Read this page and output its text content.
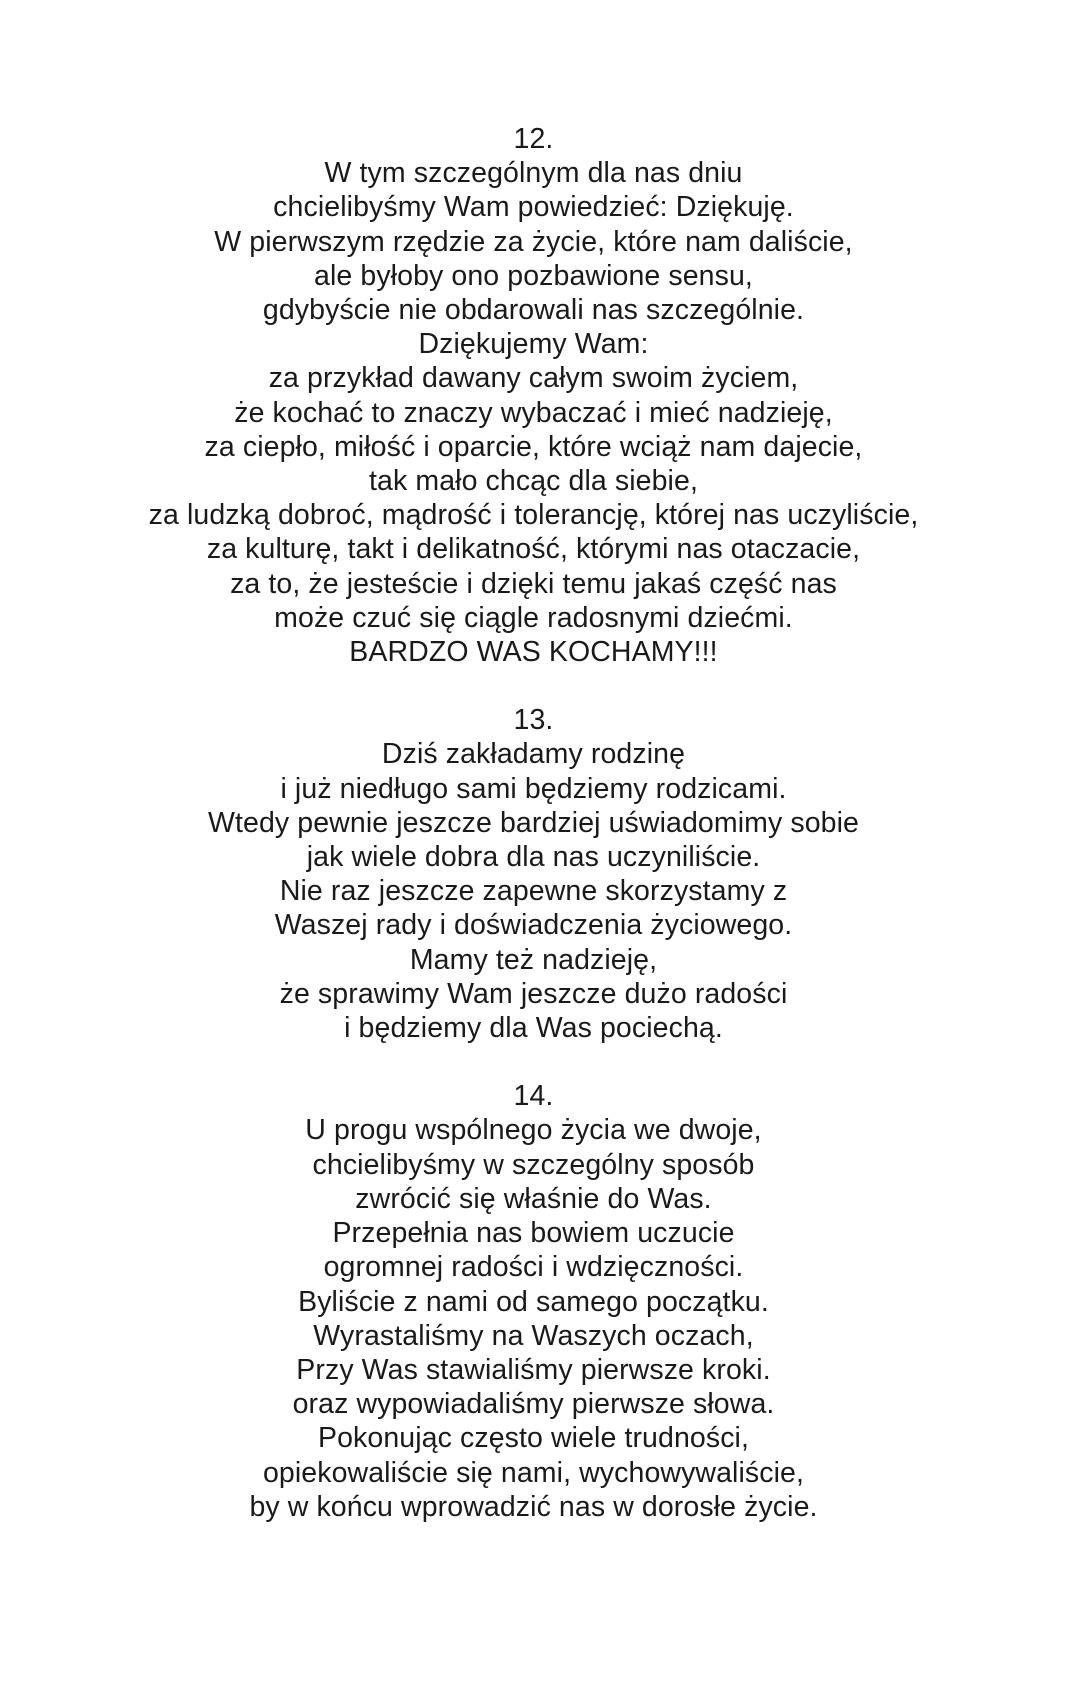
12.
W tym szczególnym dla nas dniu
chcielibyśmy Wam powiedzieć: Dziękuję.
W pierwszym rzędzie za życie, które nam daliście,
ale byłoby ono pozbawione sensu,
gdybyście nie obdarowali nas szczególnie.
Dziękujemy Wam:
za przykład dawany całym swoim życiem,
że kochać to znaczy wybaczać i mieć nadzieję,
za ciepło, miłość i oparcie, które wciąż nam dajecie,
tak mało chcąc dla siebie,
za ludzką dobroć, mądrość i tolerancję, której nas uczyliście,
za kulturę, takt i delikatność, którymi nas otaczacie,
za to, że jesteście i dzięki temu jakaś część nas
może czuć się ciągle radosnymi dziećmi.
BARDZO WAS KOCHAMY!!!
13.
Dziś zakładamy rodzinę
i już niedługo sami będziemy rodzicami.
Wtedy pewnie jeszcze bardziej uświadomimy sobie
jak wiele dobra dla nas uczyniliście.
Nie raz jeszcze zapewne skorzystamy z
Waszej rady i doświadczenia życiowego.
Mamy też nadzieję,
że sprawimy Wam jeszcze dużo radości
i będziemy dla Was pociechą.
14.
U progu wspólnego życia we dwoje,
chcielibyśmy w szczególny sposób
zwrócić się właśnie do Was.
Przepełnia nas bowiem uczucie
ogromnej radości i wdzięczności.
Byliście z nami od samego początku.
Wyrastaliśmy na Waszych oczach,
Przy Was stawialiśmy pierwsze kroki.
oraz wypowiadaliśmy pierwsze słowa.
Pokonując często wiele trudności,
opiekowaliście się nami, wychowywaliście,
by w końcu wprowadzić nas w dorosłe życie.
